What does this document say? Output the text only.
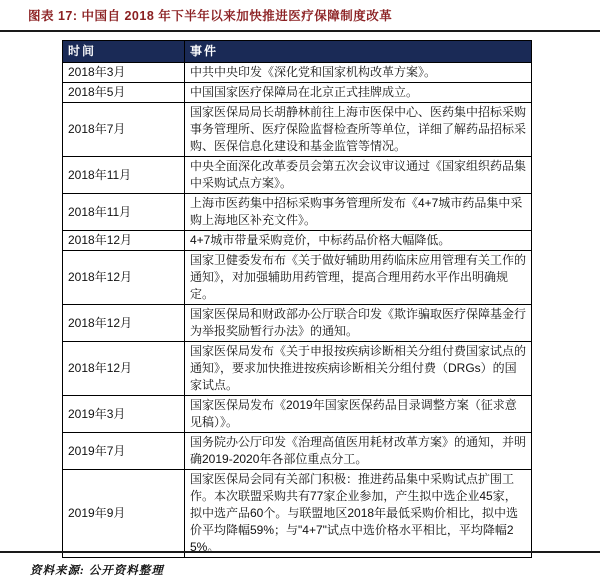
图表 17: 中国自 2018 年下半年以来加快推进医疗保障制度改革
时间	事件
2018年3月	中共中央印发《深化党和国家机构改革方案》。
2018年5月	中国国家医疗保障局在北京正式挂牌成立。
2018年7月	国家医保局局长胡静林前往上海市医保中心、医药集中招标采购事务管理所、医疗保险监督检查所等单位，详细了解药品招标采购、医保信息化建设和基金监管等情况。
2018年11月	中央全面深化改革委员会第五次会议审议通过《国家组织药品集中采购试点方案》。
2018年11月	上海市医药集中招标采购事务管理所发布《4+7城市药品集中采购上海地区补充文件》。
2018年12月	4+7城市带量采购竞价，中标药品价格大幅降低。
2018年12月	国家卫健委发布布《关于做好辅助用药临床应用管理有关工作的通知》，对加强辅助用药管理，提高合理用药水平作出明确规定。
2018年12月	国家医保局和财政部办公厅联合印发《欺诈骗取医疗保障基金行为举报奖励暂行办法》的通知。
2018年12月	国家医保局发布《关于申报按疾病诊断相关分组付费国家试点的通知》，要求加快推进按疾病诊断相关分组付费（DRGs）的国家试点。
2019年3月	国家医保局发布《2019年国家医保药品目录调整方案（征求意见稿）》。
2019年7月	国务院办公厅印发《治理高值医用耗材改革方案》的通知，并明确2019-2020年各部位重点分工。
2019年9月	国家医保局会同有关部门积极：推进药品集中采购试点扩围工作。本次联盟采购共有77家企业参加，产生拟中选企业45家，拟中选产品60个。与联盟地区2018年最低采购价相比，拟中选价平均降幅59%；与"4+7"试点中选价格水平相比，平均降幅25%。
资料来源: 公开资料整理
